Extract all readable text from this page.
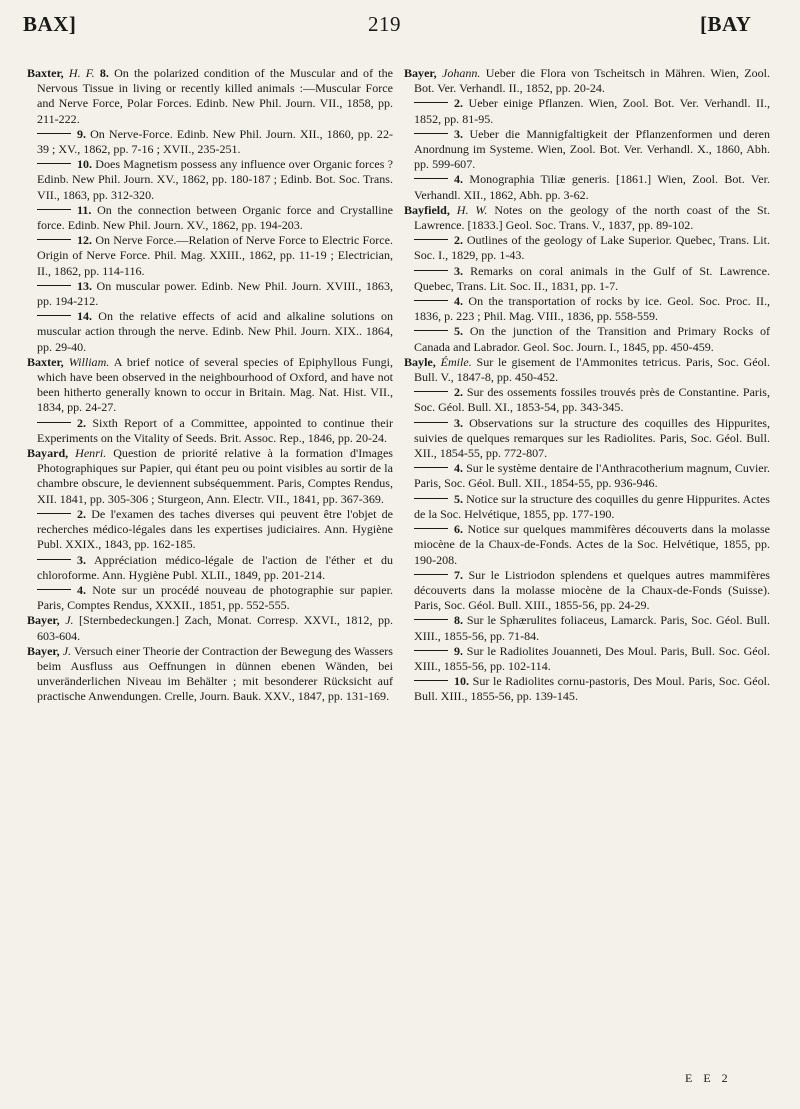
BAX]	219	[BAY

Baxter, H. F. 8. On the polarized condition of the Muscular and of the Nervous Tissue in living or recently killed animals :—Muscular Force and Nerve Force, Polar Forces. Edinb. New Phil. Journ. VII., 1858, pp. 211-222.

9. On Nerve-Force. Edinb. New Phil. Journ. XII., 1860, pp. 22-39 ; XV., 1862, pp. 7-16 ; XVII., 235-251.

10. Does Magnetism possess any influence over Organic forces ? Edinb. New Phil. Journ. XV., 1862, pp. 180-187 ; Edinb. Bot. Soc. Trans. VII., 1863, pp. 312-320.

11. On the connection between Organic force and Crystalline force. Edinb. New Phil. Journ. XV., 1862, pp. 194-203.

12. On Nerve Force.—Relation of Nerve Force to Electric Force. Origin of Nerve Force. Phil. Mag. XXIII., 1862, pp. 11-19 ; Electrician, II., 1862, pp. 114-116.

13. On muscular power. Edinb. New Phil. Journ. XVIII., 1863, pp. 194-212.

14. On the relative effects of acid and alkaline solutions on muscular action through the nerve. Edinb. New Phil. Journ. XIX.. 1864, pp. 29-40.

Baxter, William. A brief notice of several species of Epiphyllous Fungi, which have been observed in the neighbourhood of Oxford, and have not been hitherto generally known to occur in Britain. Mag. Nat. Hist. VII., 1834, pp. 24-27.

2. Sixth Report of a Committee, appointed to continue their Experiments on the Vitality of Seeds. Brit. Assoc. Rep., 1846, pp. 20-24.

Bayard, Henri. Question de priorité relative à la formation d'Images Photographiques sur Papier, qui étant peu ou point visibles au sortir de la chambre obscure, le deviennent subséquemment. Paris, Comptes Rendus, XII. 1841, pp. 305-306 ; Sturgeon, Ann. Electr. VII., 1841, pp. 367-369.

2. De l'examen des taches diverses qui peuvent être l'objet de recherches médico-légales dans les expertises judiciaires. Ann. Hygiène Publ. XXIX., 1843, pp. 162-185.

3. Appréciation médico-légale de l'action de l'éther et du chloroforme. Ann. Hygiène Publ. XLII., 1849, pp. 201-214.

4. Note sur un procédé nouveau de photographie sur papier. Paris, Comptes Rendus, XXXII., 1851, pp. 552-555.

Bayer, J. [Sternbedeckungen.] Zach, Monat. Corresp. XXVI., 1812, pp. 603-604.

Bayer, J. Versuch einer Theorie der Contraction der Bewegung des Wassers beim Ausfluss aus Oeffnungen in dünnen ebenen Wänden, bei unveränderlichen Niveau im Behälter ; mit besonderer Rücksicht auf practische Anwendungen. Crelle, Journ. Bauk. XXV., 1847, pp. 131-169.

Bayer, Johann. Ueber die Flora von Tscheitsch in Mähren. Wien, Zool. Bot. Ver. Verhandl. II., 1852, pp. 20-24.

2. Ueber einige Pflanzen. Wien, Zool. Bot. Ver. Verhandl. II., 1852, pp. 81-95.

3. Ueber die Mannigfaltigkeit der Pflanzenformen und deren Anordnung im Systeme. Wien, Zool. Bot. Ver. Verhandl. X., 1860, Abh. pp. 599-607.

4. Monographia Tiliæ generis. [1861.] Wien, Zool. Bot. Ver. Verhandl. XII., 1862, Abh. pp. 3-62.

Bayfield, H. W. Notes on the geology of the north coast of the St. Lawrence. [1833.] Geol. Soc. Trans. V., 1837, pp. 89-102.

2. Outlines of the geology of Lake Superior. Quebec, Trans. Lit. Soc. I., 1829, pp. 1-43.

3. Remarks on coral animals in the Gulf of St. Lawrence. Quebec, Trans. Lit. Soc. II., 1831, pp. 1-7.

4. On the transportation of rocks by ice. Geol. Soc. Proc. II., 1836, p. 223 ; Phil. Mag. VIII., 1836, pp. 558-559.

5. On the junction of the Transition and Primary Rocks of Canada and Labrador. Geol. Soc. Journ. I., 1845, pp. 450-459.

Bayle, Émile. Sur le gisement de l'Ammonites tetricus. Paris, Soc. Géol. Bull. V., 1847-8, pp. 450-452.

2. Sur des ossements fossiles trouvés près de Constantine. Paris, Soc. Géol. Bull. XI., 1853-54, pp. 343-345.

3. Observations sur la structure des coquilles des Hippurites, suivies de quelques remarques sur les Radiolites. Paris, Soc. Géol. Bull. XII., 1854-55, pp. 772-807.

4. Sur le système dentaire de l'Anthracotherium magnum, Cuvier. Paris, Soc. Géol. Bull. XII., 1854-55, pp. 936-946.

5. Notice sur la structure des coquilles du genre Hippurites. Actes de la Soc. Helvétique, 1855, pp. 177-190.

6. Notice sur quelques mammifères découverts dans la molasse miocène de la Chaux-de-Fonds. Actes de la Soc. Helvétique, 1855, pp. 190-208.

7. Sur le Listriodon splendens et quelques autres mammifères découverts dans la molasse miocène de la Chaux-de-Fonds (Suisse). Paris, Soc. Géol. Bull. XIII., 1855-56, pp. 24-29.

8. Sur le Sphærulites foliaceus, Lamarck. Paris, Soc. Géol. Bull. XIII., 1855-56, pp. 71-84.

9. Sur le Radiolites Jouanneti, Des Moul. Paris, Bull. Soc. Géol. XIII., 1855-56, pp. 102-114.

10. Sur le Radiolites cornu-pastoris, Des Moul. Paris, Soc. Géol. Bull. XIII., 1855-56, pp. 139-145.

E E 2
